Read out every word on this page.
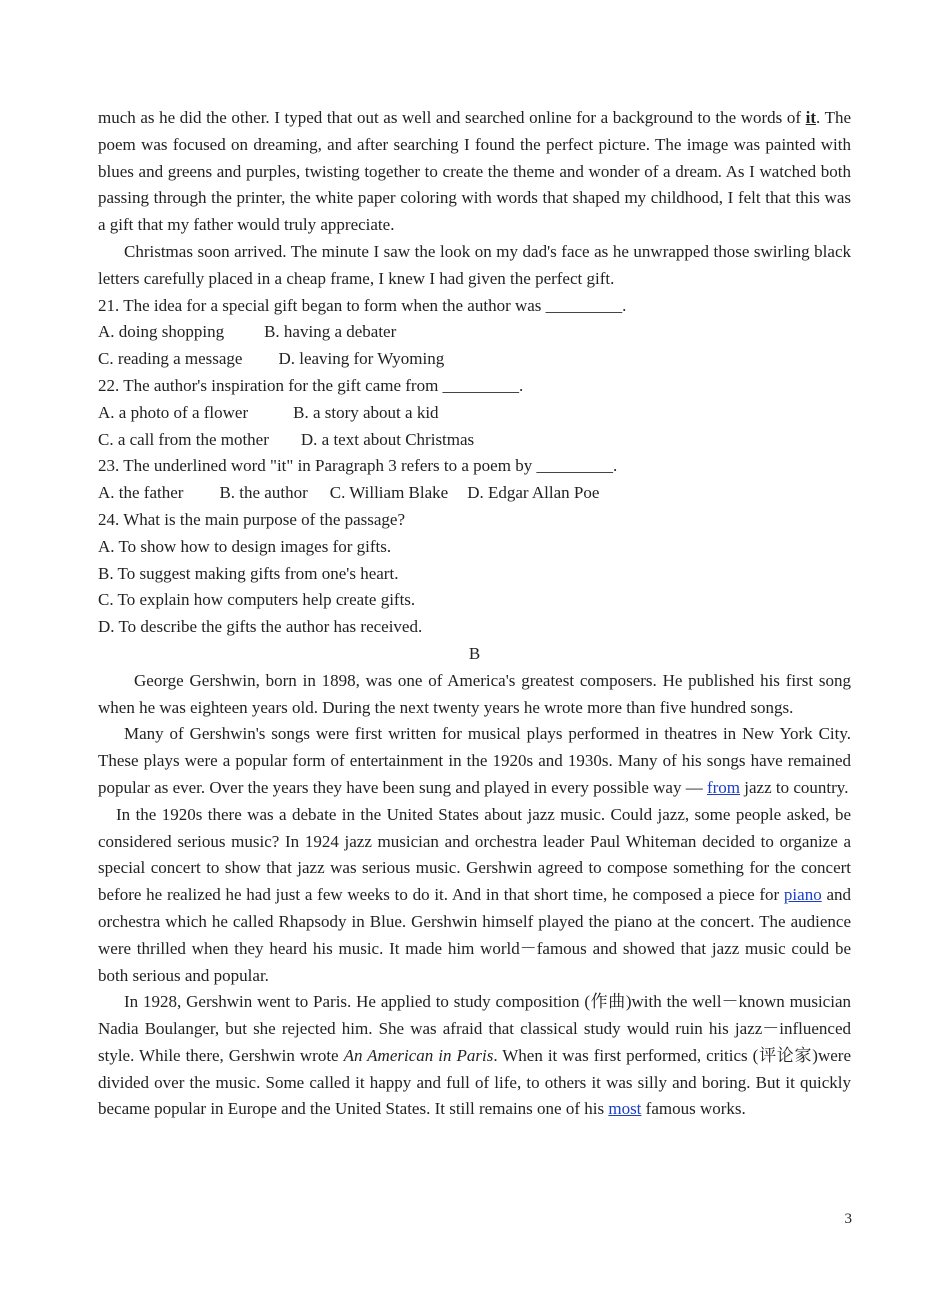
much as he did the other. I typed that out as well and searched online for a background to the words of it. The poem was focused on dreaming, and after searching I found the perfect picture. The image was painted with blues and greens and purples, twisting together to create the theme and wonder of a dream. As I watched both passing through the printer, the white paper coloring with words that shaped my childhood, I felt that this was a gift that my father would truly appreciate.

Christmas soon arrived. The minute I saw the look on my dad's face as he unwrapped those swirling black letters carefully placed in a cheap frame, I knew I had given the perfect gift.

21. The idea for a special gift began to form when the author was _________.

A. doing shopping B. having a debater

C. reading a message D. leaving for Wyoming

22. The author's inspiration for the gift came from _________.

A. a photo of a flower	B. a story about a kid

C. a call from the mother D. a text about Christmas

23. The underlined word "it" in Paragraph 3 refers to a poem by _________.

A. the father B. the author C. William Blake D. Edgar Allan Poe

24. What is the main purpose of the passage?

A. To show how to design images for gifts.

B. To suggest making gifts from one's heart.

C. To explain how computers help create gifts.

D. To describe the gifts the author has received.

B

George Gershwin, born in 1898, was one of America's greatest composers. He published his first song when he was eighteen years old. During the next twenty years he wrote more than five hundred songs.

Many of Gershwin's songs were first written for musical plays performed in theatres in New York City. These plays were a popular form of entertainment in the 1920s and 1930s. Many of his songs have remained popular as ever. Over the years they have been sung and played in every possible way — from jazz to country.

In the 1920s there was a debate in the United States about jazz music. Could jazz, some people asked, be considered serious music? In 1924 jazz musician and orchestra leader Paul Whiteman decided to organize a special concert to show that jazz was serious music. Gershwin agreed to compose something for the concert before he realized he had just a few weeks to do it. And in that short time, he composed a piece for piano and orchestra which he called Rhapsody in Blue. Gershwin himself played the piano at the concert. The audience were thrilled when they heard his music. It made him world－famous and showed that jazz music could be both serious and popular.

In 1928, Gershwin went to Paris. He applied to study composition (作曲)with the well－known musician Nadia Boulanger, but she rejected him. She was afraid that classical study would ruin his jazz－influenced style. While there, Gershwin wrote An American in Paris. When it was first performed, critics (评论家)were divided over the music. Some called it happy and full of life, to others it was silly and boring. But it quickly became popular in Europe and the United States. It still remains one of his most famous works.

3
